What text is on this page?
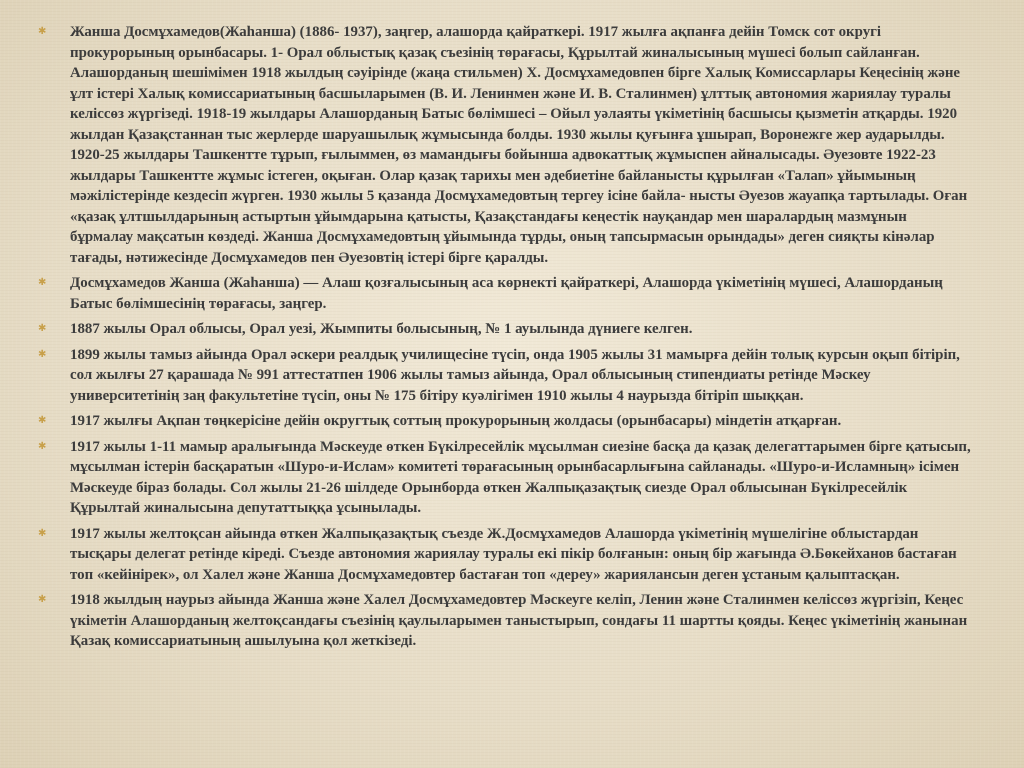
✱ Жанша Досмұхамедов(Жаһанша) (1886- 1937), заңгер, алашорда қайраткері. 1917 жылға ақпанға дейін Томск сот округі прокурорының орынбасары. 1- Орал облыстық қазақ съезінің төрағасы, Құрылтай жиналысының мүшесі болып сайланған. Алашорданың шешімімен 1918 жылдың сәуірінде (жаңа стильмен) Х. Досмұхамедовпен бірге Халық Комиссарлары Кеңесінің және ұлт істері Халық комиссариатының басшыларымен (В. И. Ленинмен және И. В. Сталинмен) ұлттық автономия жариялау туралы келіссөз жүргізеді. 1918-19 жылдары Алашорданың Батыс бөлімшесі – Ойыл уәлаяты үкіметінің басшысы қызметін атқарды. 1920 жылдан Қазақстаннан тыс жерлерде шаруашылық жұмысында болды. 1930 жылы қуғынға ұшырап, Воронежге жер аударылды. 1920-25 жылдары Ташкентте тұрып, ғылыммен, өз мамандығы бойынша адвокаттық жұмыспен айналысады. Әуезовте 1922-23 жылдары Ташкентте жұмыс істеген, оқыған. Олар қазақ тарихы мен әдебиетіне байланысты құрылған «Талап» ұйымының мәжілістерінде кездесіп жүрген. 1930 жылы 5 қазанда Досмұхамедовтың тергеу ісіне байла- нысты Әуезов жауапқа тартылады. Оған «қазақ ұлтшылдарының астыртын ұйымдарына қатысты, Қазақстандағы кеңестік науқандар мен шаралардың мазмұнын бұрмалау мақсатын көздеді. Жанша Досмұхамедовтың ұйымында тұрды, оның тапсырмасын орындады» деген сияқты кінәлар тағады, нәтижесінде Досмұхамедов пен Әуезовтің істері бірге қаралды.
✱ Досмұхамедов Жанша (Жаһанша) — Алаш қозғалысының аса көрнекті қайраткері, Алашорда үкіметінің мүшесі, Алашорданың Батыс бөлімшесінің төрағасы, заңгер.
✱ 1887 жылы Орал облысы, Орал уезі, Жымпиты болысының, № 1 ауылында дүниеге келген.
✱ 1899 жылы тамыз айында Орал әскери реалдық училищесіне түсіп, онда 1905 жылы 31 мамырға дейін толық курсын оқып бітіріп, сол жылғы 27 қарашада № 991 аттестатпен 1906 жылы тамыз айында, Орал облысының стипендиаты ретінде Мәскеу университетінің заң факультетіне түсіп, оны № 175 бітіру куәлігімен 1910 жылы 4 наурызда бітіріп шыққан.
✱ 1917 жылғы Ақпан төңкерісіне дейін округтық соттың прокурорының жолдасы (орынбасары) міндетін атқарған.
✱ 1917 жылы 1-11 мамыр аралығында Мәскеуде өткен Бүкілресейлік мұсылман сиезіне басқа да қазақ делегаттарымен бірге қатысып, мұсылман істерін басқаратын «Шуро-и-Ислам» комитеті төрағасының орынбасарлығына сайланады. «Шуро-и-Исламның» ісімен Мәскеуде біраз болады. Сол жылы 21-26 шілдеде Орынборда өткен Жалпықазақтық сиезде Орал облысынан Бүкілресейлік Құрылтай жиналысына депутаттыққа ұсынылады.
✱ 1917 жылы желтоқсан айында өткен Жалпықазақтық съезде Ж.Досмұхамедов Алашорда үкіметінің мүшелігіне облыстардан тысқары делегат ретінде кіреді. Съезде автономия жариялау туралы екі пікір болғанын: оның бір жағында Ә.Бөкейханов бастаған топ «кейінірек», ол Халел және Жанша Досмұхамедовтер бастаған топ «дереу» жариялансын деген ұстаным қалыптасқан.
✱ 1918 жылдың наурыз айында Жанша және Халел Досмұхамедовтер Мәскеуге келіп, Ленин және Сталинмен келіссөз жүргізіп, Кеңес үкіметін Алашорданың желтоқсандағы съезінің қаулыларымен таныстырып, сондағы 11 шартты қояды. Кеңес үкіметінің жанынан Қазақ комиссариатының ашылуына қол жеткізеді.
